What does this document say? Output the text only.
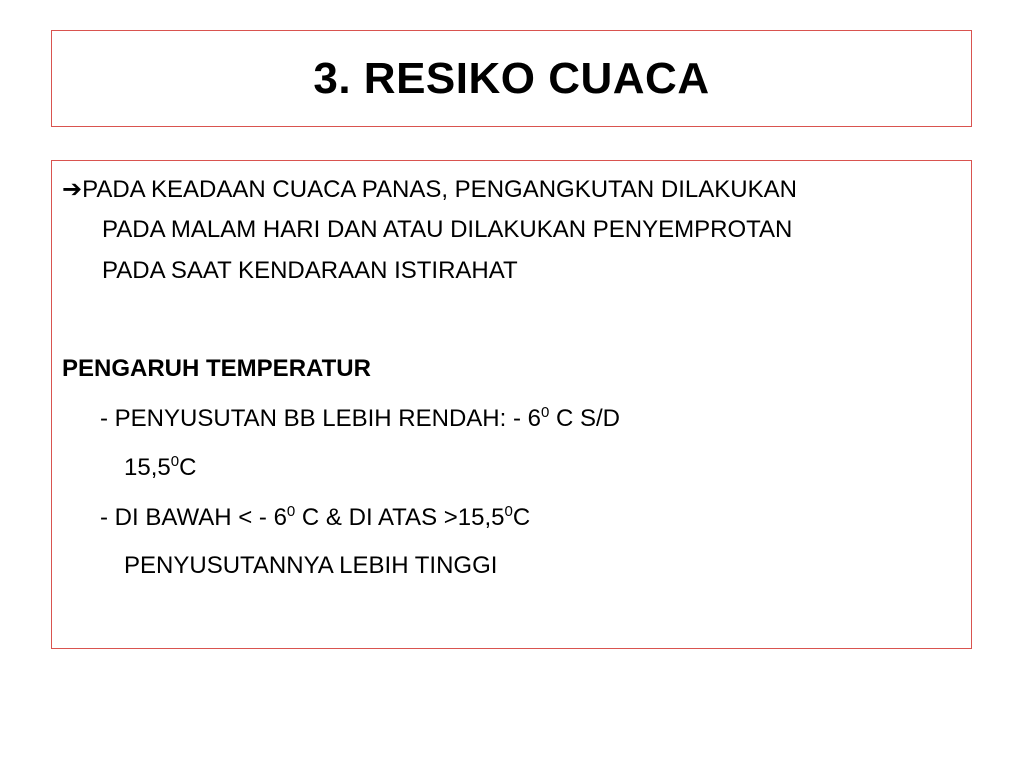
3. RESIKO CUACA
➔PADA KEADAAN CUACA PANAS, PENGANGKUTAN DILAKUKAN
PADA MALAM HARI DAN ATAU DILAKUKAN PENYEMPROTAN
PADA SAAT KENDARAAN ISTIRAHAT
PENGARUH TEMPERATUR
- PENYUSUTAN BB LEBIH RENDAH: - $6^0$ C S/D
15,5$^0$C
- DI BAWAH < - $6^0$ C & DI ATAS $>15,5^0C$
PENYUSUTANNYA LEBIH TINGGI
